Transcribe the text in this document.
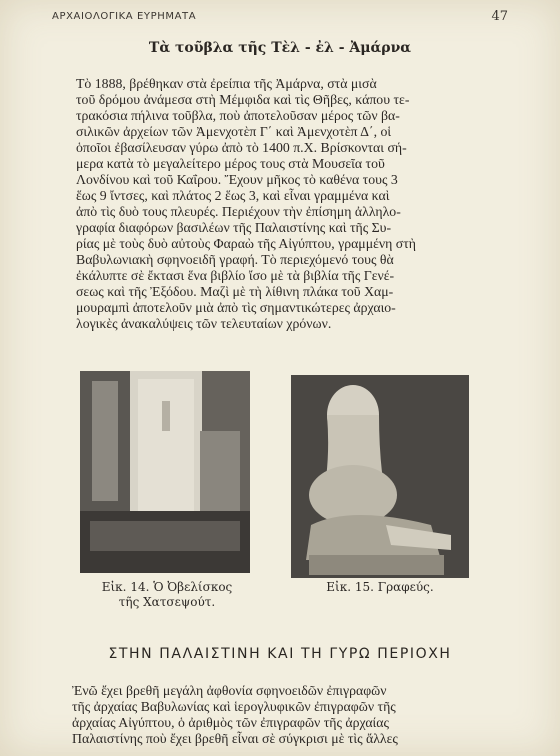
ΑΡΧΑΙΟΛΟΓΙΚΑ ΕΥΡΗΜΑΤΑ	47
Τὰ τοῦβλα τῆς Τὲλ - ἐλ - Ἀμάρνα
Τὸ 1888, βρέθηκαν στὰ ἐρείπια τῆς Ἀμάρνα, στὰ μισὰ
τοῦ δρόμου ἀνάμεσα στὴ Μέμφιδα καὶ τὶς Θῆβες, κάπου τε-
τρακόσια πήλινα τοῦβλα, ποὺ ἀποτελοῦσαν μέρος τῶν βα-
σιλικῶν ἀρχείων τῶν Ἀμενχοτὲπ Γ΄ καὶ Ἀμενχοτὲπ Δ΄, οἱ
ὁποῖοι ἐβασίλευσαν γύρω ἀπὸ τὸ 1400 π.Χ. Βρίσκονται σή-
μερα κατὰ τὸ μεγαλείτερο μέρος τους στὰ Μουσεῖα τοῦ
Λονδίνου καὶ τοῦ Καΐρου. Ἔχουν μῆκος τὸ καθένα τους 3
ἕως 9 ἴντσες, καὶ πλάτος 2 ἕως 3, καὶ εἶναι γραμμένα καὶ
ἀπὸ τὶς δυὸ τους πλευρές. Περιέχουν τὴν ἐπίσημη ἀλληλο-
γραφία διαφόρων βασιλέων τῆς Παλαιστίνης καὶ τῆς Συ-
ρίας μὲ τοὺς δυὸ αὐτοὺς Φαραὼ τῆς Αἰγύπτου, γραμμένη στὴ
Βαβυλωνιακὴ σφηνοειδῆ γραφή. Τὸ περιεχόμενό τους θὰ
ἐκάλυπτε σὲ ἔκτασι ἕνα βιβλίο ἴσο μὲ τὰ βιβλία τῆς Γενέ-
σεως καὶ τῆς Ἐξόδου. Μαζὶ μὲ τὴ λίθινη πλάκα τοῦ Χαμ-
μουραμπὶ ἀποτελοῦν μιὰ ἀπὸ τὶς σημαντικώτερες ἀρχαιο-
λογικὲς ἀνακαλύψεις τῶν τελευταίων χρόνων.
Εἰκ. 14. Ὁ Ὀβελίσκος
τῆς Χατσεψούτ.
Εἰκ. 15. Γραφεύς.
ΣΤΗΝ ΠΑΛΑΙΣΤΙΝΗ ΚΑΙ ΤΗ ΓΥΡΩ ΠΕΡΙΟΧΗ
Ἐνῶ ἔχει βρεθῆ μεγάλη ἀφθονία σφηνοειδῶν ἐπιγραφῶν
τῆς ἀρχαίας Βαβυλωνίας καὶ ἱερογλυφικῶν ἐπιγραφῶν τῆς
ἀρχαίας Αἰγύπτου, ὁ ἀριθμὸς τῶν ἐπιγραφῶν τῆς ἀρχαίας
Παλαιστίνης ποὺ ἔχει βρεθῆ εἶναι σὲ σύγκρισι μὲ τὶς ἄλλες
